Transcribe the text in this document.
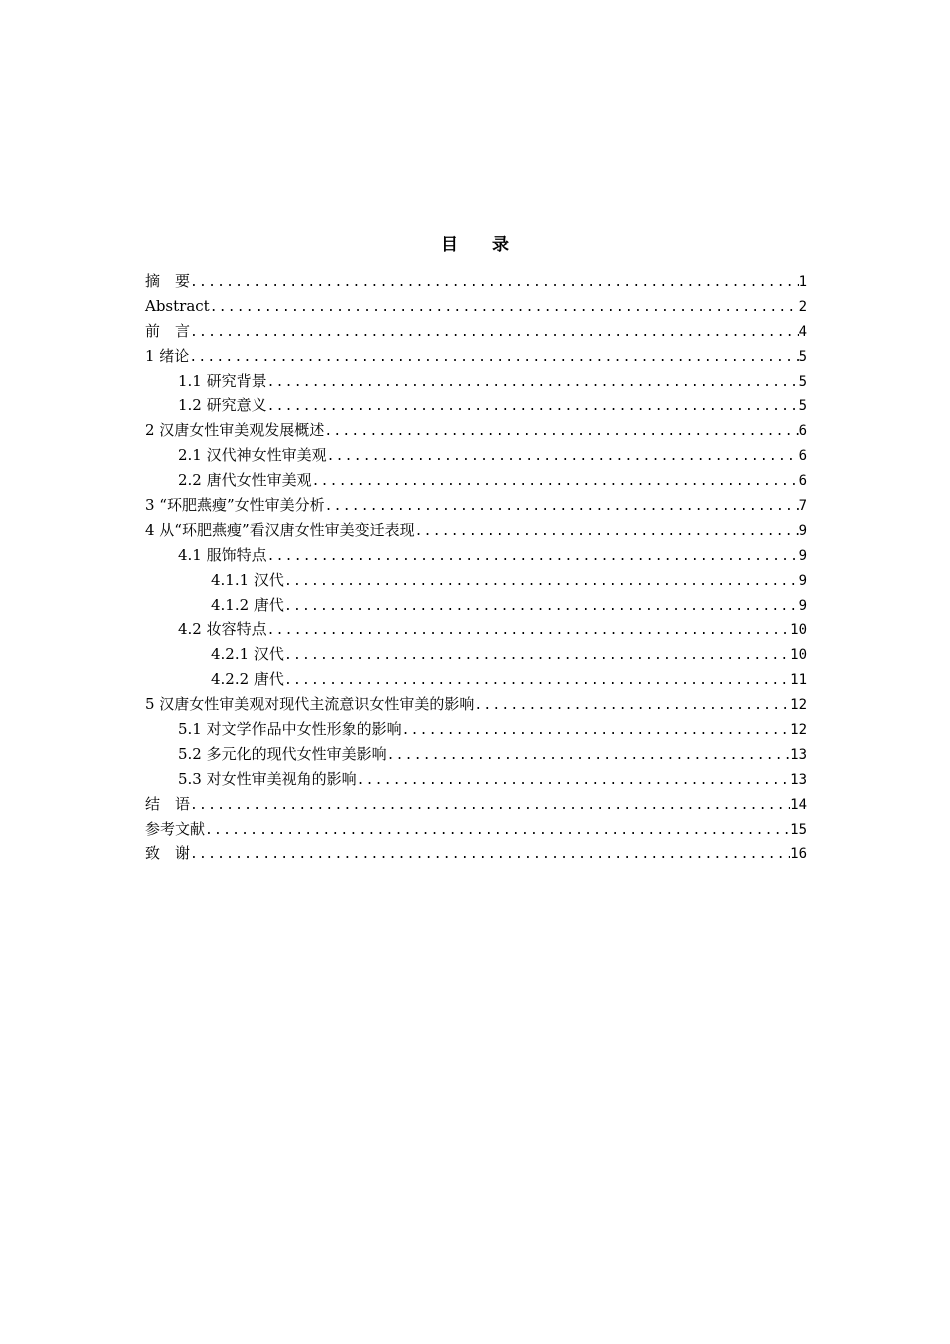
目 录
摘　要 .....	1
Abstract .....	2
前　言 .....	4
1 绪论 .....	5
1.1 研究背景 .....	5
1.2 研究意义 .....	5
2 汉唐女性审美观发展概述 .....	6
2.1 汉代神女性审美观 .....	6
2.2 唐代女性审美观 .....	6
3 “环肥燕瘦”女性审美分析 .....	7
4 从“环肥燕瘦”看汉唐女性审美变迁表现 .....	9
4.1 服饰特点 .....	9
4.1.1 汉代 .....	9
4.1.2 唐代 .....	9
4.2 妆容特点 .....	10
4.2.1 汉代 .....	10
4.2.2 唐代 .....	11
5 汉唐女性审美观对现代主流意识女性审美的影响 .....	12
5.1 对文学作品中女性形象的影响 .....	12
5.2 多元化的现代女性审美影响 .....	13
5.3 对女性审美视角的影响 .....	13
结　语 .....	14
参考文献 .....	15
致　谢 .....	16
